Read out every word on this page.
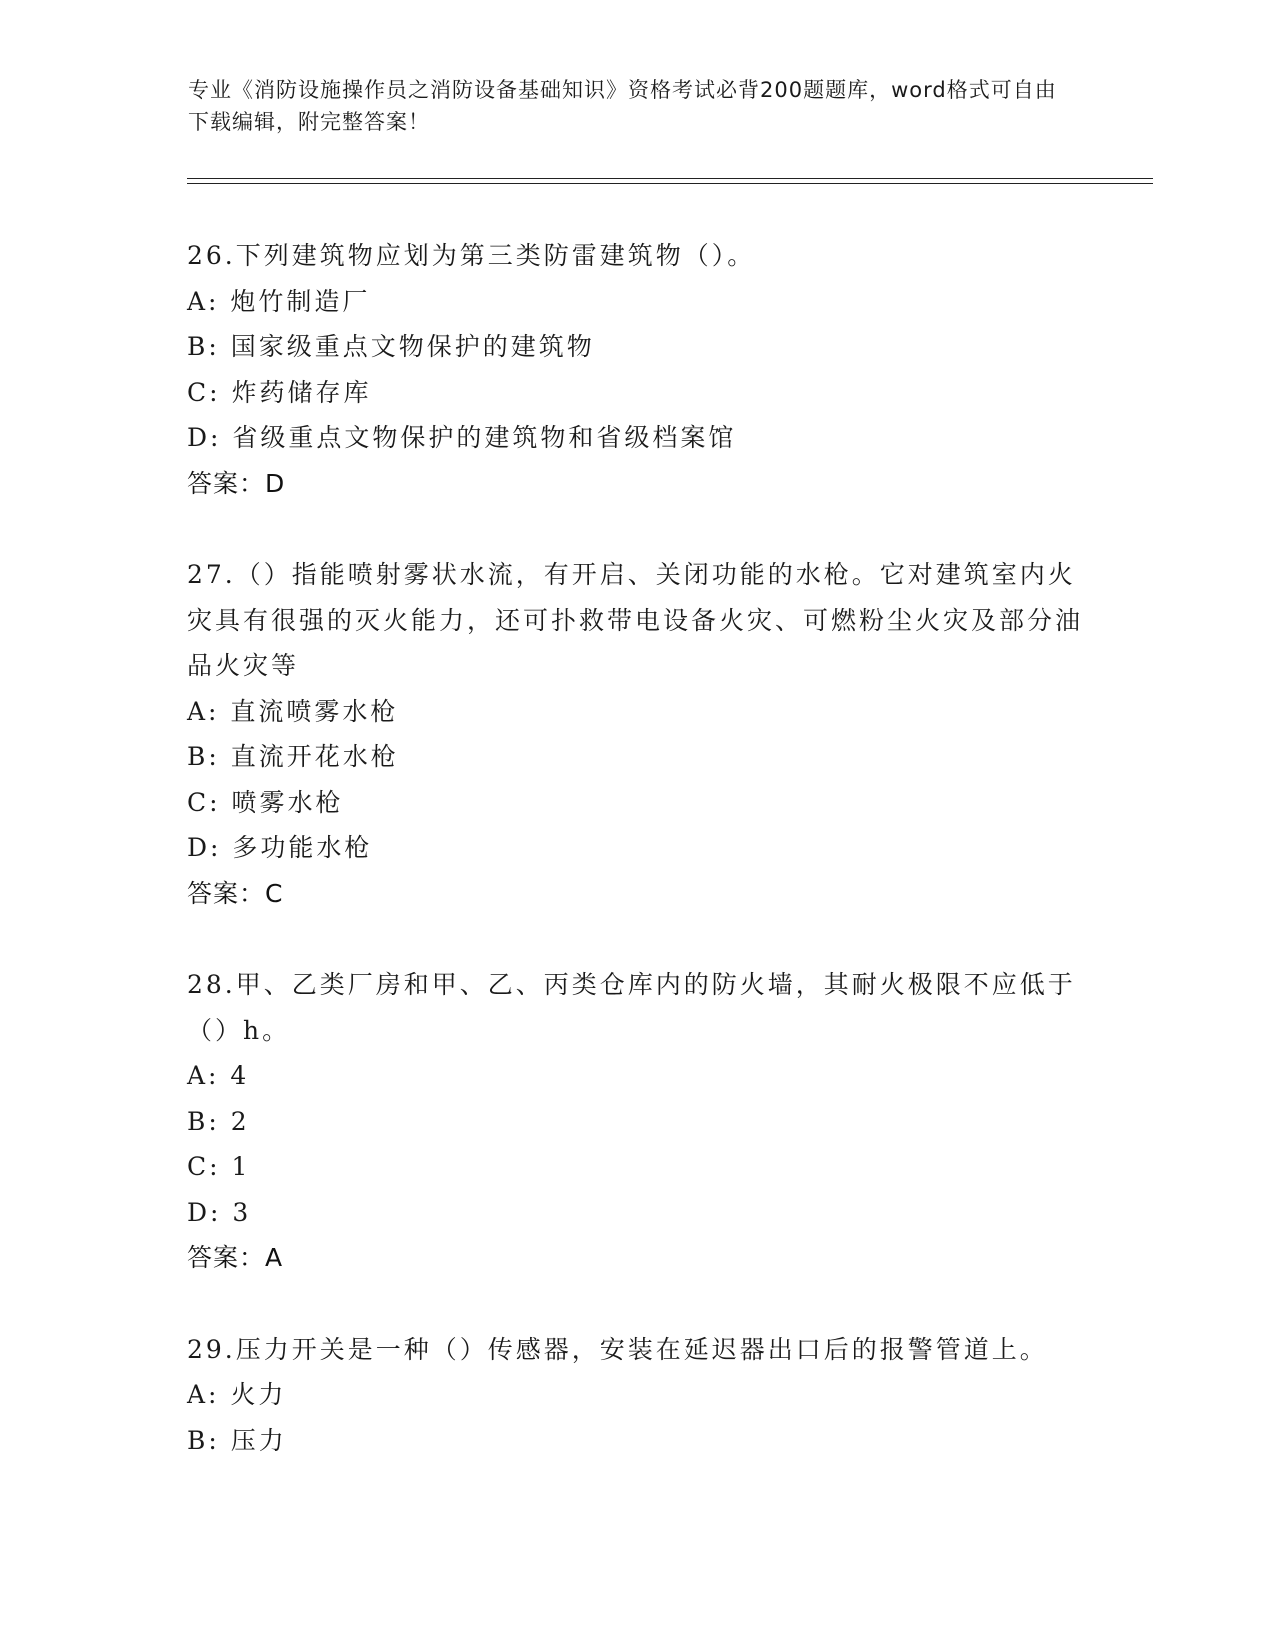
专业《消防设施操作员之消防设备基础知识》资格考试必背200题题库，word格式可自由下载编辑，附完整答案！

26.下列建筑物应划为第三类防雷建筑物（）。

A: 炮竹制造厂

B: 国家级重点文物保护的建筑物

C: 炸药储存库

D: 省级重点文物保护的建筑物和省级档案馆

答案：D

27.（）指能喷射雾状水流，有开启、关闭功能的水枪。它对建筑室内火灾具有很强的灭火能力，还可扑救带电设备火灾、可燃粉尘火灾及部分油品火灾等

A: 直流喷雾水枪

B: 直流开花水枪

C: 喷雾水枪

D: 多功能水枪

答案：C

28.甲、乙类厂房和甲、乙、丙类仓库内的防火墙，其耐火极限不应低于（）h。

A: 4

B: 2

C: 1

D: 3

答案：A

29.压力开关是一种（）传感器，安装在延迟器出口后的报警管道上。

A: 火力

B: 压力
